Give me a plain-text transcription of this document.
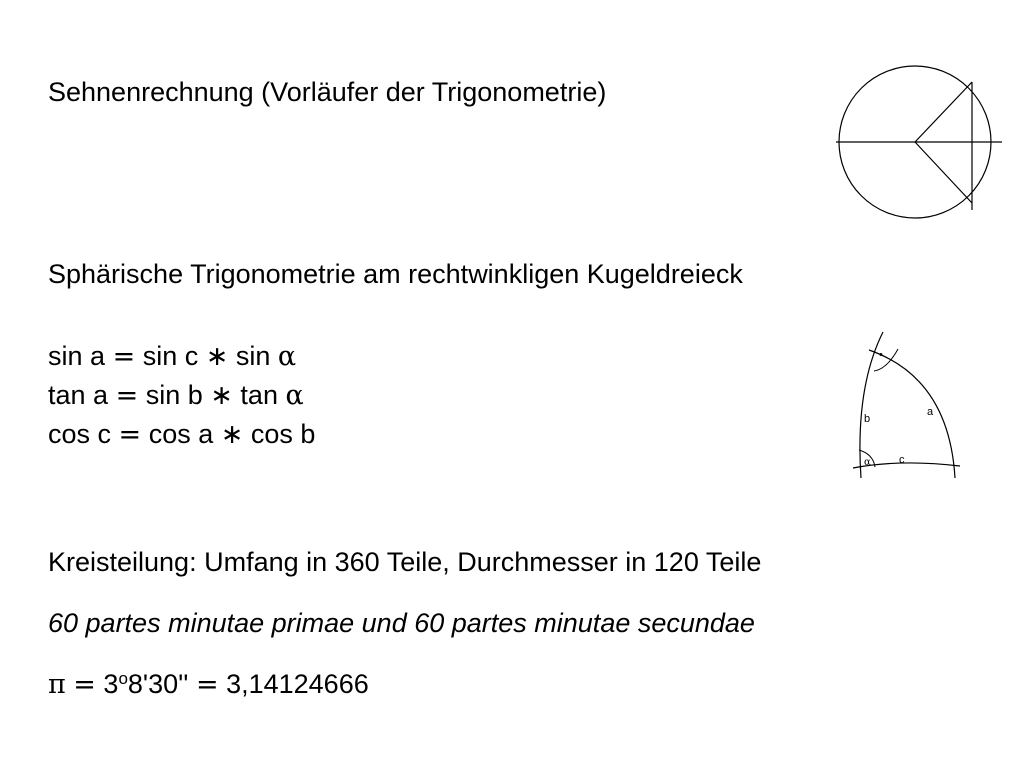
Sehnenrechnung (Vorläufer der Trigonometrie)
Sphärische Trigonometrie am rechtwinkligen Kugeldreieck
sin a = sin c ∗ sin α
tan a = sin b ∗ tan α
cos c = cos a ∗ cos b
•
b
a
c
α
Kreisteilung: Umfang in 360 Teile, Durchmesser in 120 Teile
60 partes minutae primae und 60 partes minutae secundae
$\pi = 3^o8'30'' = 3,14124666$
